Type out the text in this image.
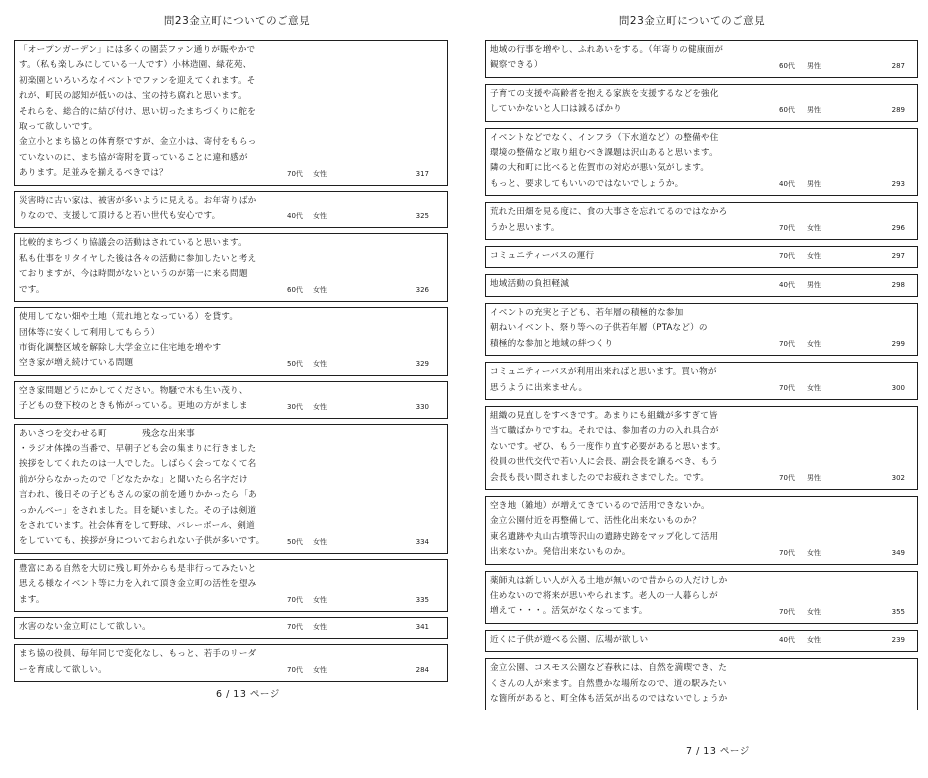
問23金立町についてのご意見
「オープンガーデン」には多くの園芸ファン通りが賑やかで
す。（私も楽しみにしている一人です）小林造園、緑花苑、
初楽園といろいろなイベントでファンを迎えてくれます。そ
れが、町民の認知が低いのは、宝の持ち腐れと思います。
それらを、総合的に結び付け、思い切ったまちづくりに舵を
取って欲しいです。
金立小とまち協との体育祭ですが、金立小は、寄付をもらっ
ていないのに、まち協が寄附を貰っていることに違和感が
あります。足並みを揃えるべきでは？	70代 女性	317
災害時に古い家は、被害が多いように見える。お年寄りばか
りなので、支援して頂けると若い世代も安心です。	40代 女性	325
比較的まちづくり協議会の活動はされていると思います。
私も仕事をリタイヤした後は各々の活動に参加したいと考え
ておりますが、今は時間がないというのが第一に来る問題
です。	60代 女性	326
使用してない畑や土地（荒れ地となっている）を貸す。
団体等に安くして利用してもらう）
市街化調整区域を解除し大学金立に住宅地を増やす
空き家が増え続けている問題	50代 女性	329
空き家問題どうにかしてください。物騒で木も生い茂り、
子どもの登下校のときも怖がっている。更地の方がましま	30代 女性	330
あいさつを交わせる町　　　　残念な出来事
・ラジオ体操の当番で、早朝子ども会の集まりに行きました
挨拶をしてくれたのは一人でした。しばらく会ってなくて名
前が分らなかったので「どなたかな」と聞いたら名字だけ
言われ、後日その子どもさんの家の前を通りかかったら「あ
っかんべー」をされました。目を疑いました。その子は剣道
をされています。社会体育をして野球、バレーボール、剣道
をしていても、挨拶が身についておられない子供が多いです。	50代 女性	334
豊富にある自然を大切に残し町外からも是非行ってみたいと
思える様なイベント等に力を入れて頂き金立町の活性を望み
ます。	70代 女性	335
水害のない金立町にして欲しい。	70代 女性	341
まち協の役員、毎年同じで変化なし、もっと、若手のリーダ
ーを育成して欲しい。	70代 女性	284
6 / 13 ページ
問23金立町についてのご意見
地域の行事を増やし、ふれあいをする。（年寄りの健康面が
観察できる）	60代 男性	287
子育ての支援や高齢者を抱える家族を支援するなどを強化
していかないと人口は減るばかり	60代 男性	289
イベントなどでなく、インフラ（下水道など）の整備や住
環境の整備など取り組むべき課題は沢山あると思います。
隣の大和町に比べると佐賀市の対応が悪い気がします。
もっと、要求してもいいのではないでしょうか。	40代 男性	293
荒れた田畑を見る度に、食の大事さを忘れてるのではなかろ
うかと思います。	70代 女性	296
コミュニティーバスの運行	70代 女性	297
地域活動の負担軽減	40代 男性	298
イベントの充実と子ども、若年層の積極的な参加
朝ねいイベント、祭り等への子供若年層（PTAなど）の
積極的な参加と地域の絆つくり	70代 女性	299
コミュニティーバスが利用出来ればと思います。買い物が
思うように出来ません。	70代 女性	300
組織の見直しをすべきです。あまりにも組織が多すぎて皆
当て職ばかりですね。それでは、参加者の力の入れ具合が
ないです。ぜひ、もう一度作り直す必要があると思います。
役員の世代交代で若い人に会長、副会長を譲るべき、もう
会長も長い間されましたのでお疲れさまでした。です。	70代 男性	302
空き地（雑地）が増えてきているので活用できないか。
金立公園付近を再整備して、活性化出来ないものか？
東名遺跡や丸山古墳等沢山の遺跡史跡をマップ化して活用
出来ないか。発信出来ないものか。	70代 女性	349
薬師丸は新しい人が入る土地が無いので昔からの人だけしか
住めないので将来が思いやられます。老人の一人暮らしが
増えて・・・。活気がなくなってます。	70代 女性	355
近くに子供が遊べる公園、広場が欲しい	40代 女性	239
金立公園、コスモス公園など春秋には、自然を満喫でき、た
くさんの人が来ます。自然豊かな場所なので、道の駅みたい
な箇所があると、町全体も活気が出るのではないでしょうか
7 / 13 ページ
